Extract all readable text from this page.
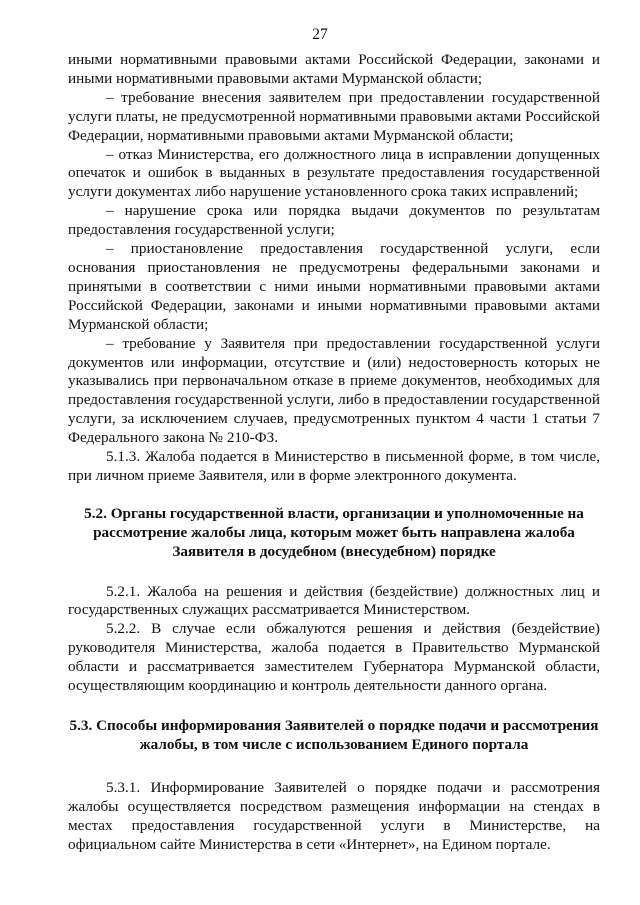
27

иными нормативными правовыми актами Российской Федерации, законами и иными нормативными правовыми актами Мурманской области;

– требование внесения заявителем при предоставлении государственной услуги платы, не предусмотренной нормативными правовыми актами Российской Федерации, нормативными правовыми актами Мурманской области;

– отказ Министерства, его должностного лица в исправлении допущенных опечаток и ошибок в выданных в результате предоставления государственной услуги документах либо нарушение установленного срока таких исправлений;

– нарушение срока или порядка выдачи документов по результатам предоставления государственной услуги;

– приостановление предоставления государственной услуги, если основания приостановления не предусмотрены федеральными законами и принятыми в соответствии с ними иными нормативными правовыми актами Российской Федерации, законами и иными нормативными правовыми актами Мурманской области;

– требование у Заявителя при предоставлении государственной услуги документов или информации, отсутствие и (или) недостоверность которых не указывались при первоначальном отказе в приеме документов, необходимых для предоставления государственной услуги, либо в предоставлении государственной услуги, за исключением случаев, предусмотренных пунктом 4 части 1 статьи 7 Федерального закона № 210-ФЗ.

5.1.3. Жалоба подается в Министерство в письменной форме, в том числе, при личном приеме Заявителя, или в форме электронного документа.

5.2. Органы государственной власти, организации и уполномоченные на рассмотрение жалобы лица, которым может быть направлена жалоба Заявителя в досудебном (внесудебном) порядке

5.2.1. Жалоба на решения и действия (бездействие) должностных лиц и государственных служащих рассматривается Министерством.

5.2.2. В случае если обжалуются решения и действия (бездействие) руководителя Министерства, жалоба подается в Правительство Мурманской области и рассматривается заместителем Губернатора Мурманской области, осуществляющим координацию и контроль деятельности данного органа.

5.3. Способы информирования Заявителей о порядке подачи и рассмотрения жалобы, в том числе с использованием Единого портала

5.3.1. Информирование Заявителей о порядке подачи и рассмотрения жалобы осуществляется посредством размещения информации на стендах в местах предоставления государственной услуги в Министерстве, на официальном сайте Министерства в сети «Интернет», на Едином портале.
